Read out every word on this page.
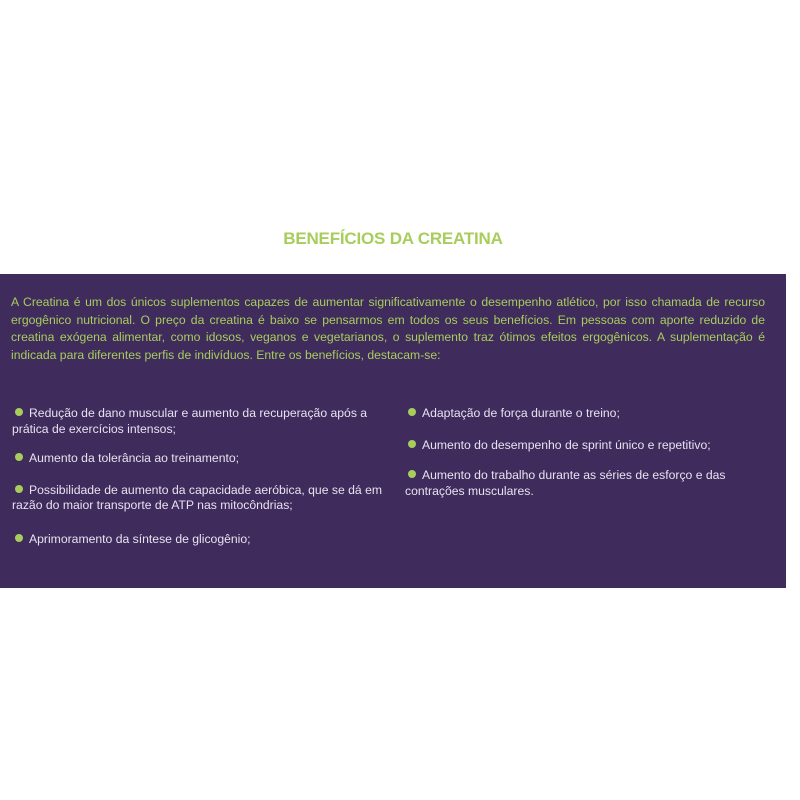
BENEFÍCIOS DA CREATINA

A Creatina é um dos únicos suplementos capazes de aumentar significativamente o desempenho atlético, por isso chamada de recurso ergogênico nutricional. O preço da creatina é baixo se pensarmos em todos os seus benefícios. Em pessoas com aporte reduzido de creatina exógena alimentar, como idosos, veganos e vegetarianos, o suplemento traz ótimos efeitos ergogênicos. A suplementação é indicada para diferentes perfis de indivíduos. Entre os benefícios, destacam-se:

Redução de dano muscular e aumento da recuperação após a prática de exercícios intensos;
Aumento da tolerância ao treinamento;
Possibilidade de aumento da capacidade aeróbica, que se dá em razão do maior transporte de ATP nas mitocôndrias;
Aprimoramento da síntese de glicogênio;
Adaptação de força durante o treino;
Aumento do desempenho de sprint único e repetitivo;
Aumento do trabalho durante as séries de esforço e das contrações musculares.
